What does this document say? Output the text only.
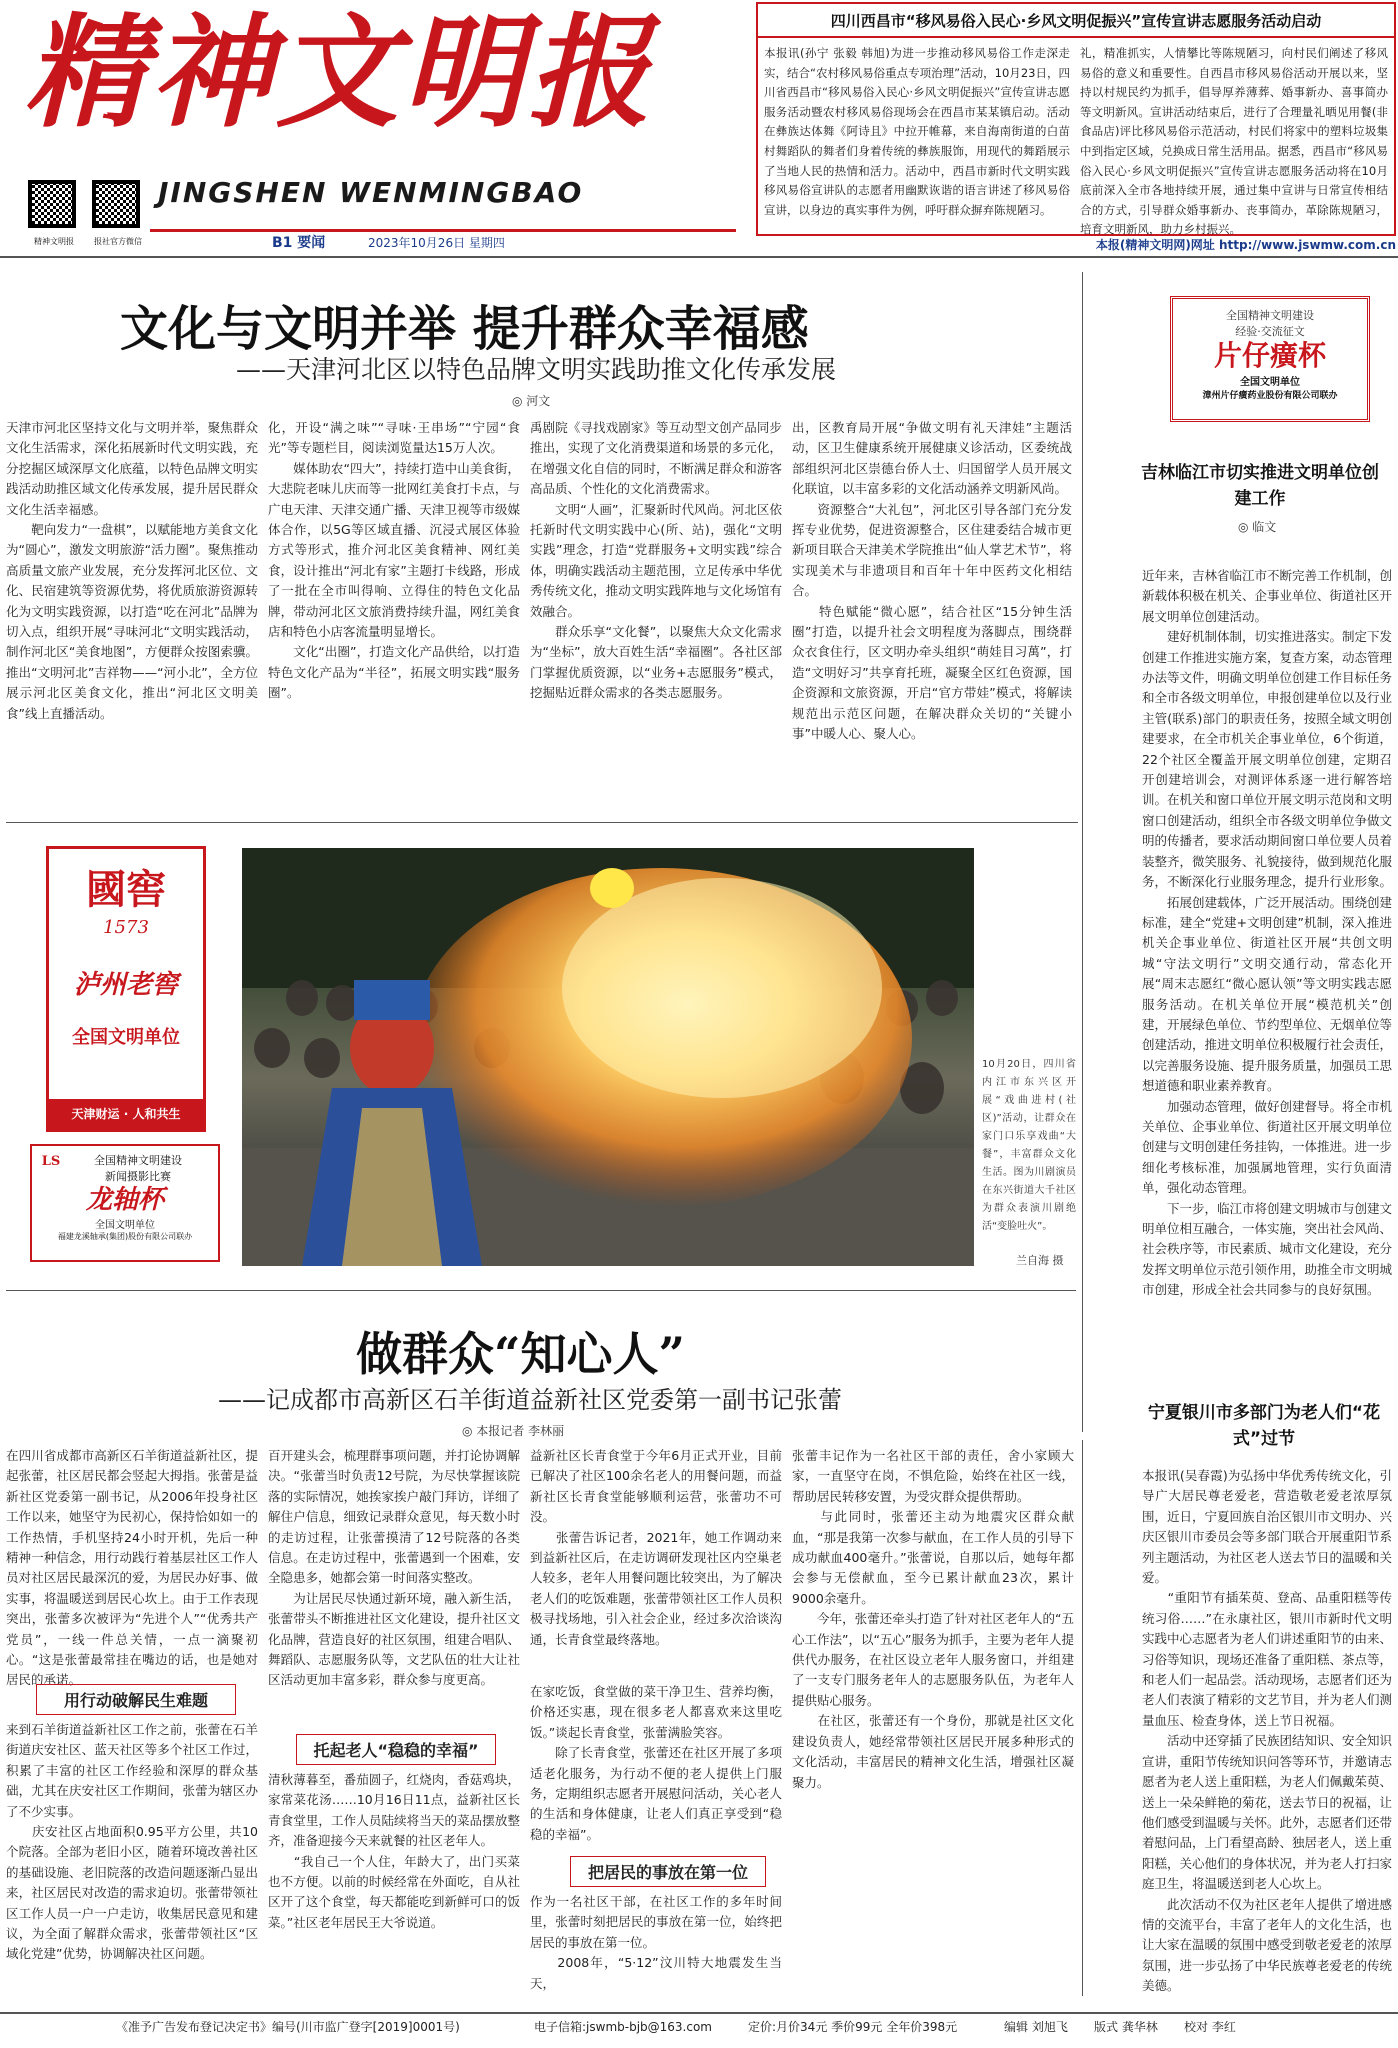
精神文明报
JINGSHEN WENMINGBAO
精神文明报	报社官方微信	B1 要闻	2023年10月26日 星期四
四川西昌市“移风易俗入民心·乡风文明促振兴”宣传宣讲志愿服务活动启动
本报讯(孙宁 张毅 韩旭)为进一步推动移风易俗工作走深走实，结合“农村移风易俗重点专项治理”活动，10月23日，四川省西昌市“移风易俗入民心·乡风文明促振兴”宣传宣讲志愿服务活动暨农村移风易俗现场会在西昌市某某镇启动。活动在彝族达体舞《阿诗且》中拉开帷幕，来自海南街道的白苗村舞蹈队的舞者们身着传统的彝族服饰，用现代的舞蹈展示了当地人民的热情和活力。活动中，西昌市新时代文明实践移风易俗宣讲队的志愿者用幽默诙谐的语言讲述了移风易俗宣讲，以身边的真实事件为例，呼吁群众摒弃陈规陋习。
礼，精准抓实，人情攀比等陈规陋习，向村民们阐述了移风易俗的意义和重要性。自西昌市移风易俗活动开展以来，坚持以村规民约为抓手，倡导厚养薄葬、婚事新办、喜事简办等文明新风。宣讲活动结束后，进行了合理量礼晒见用餐(非食品店)评比移风易俗示范活动，村民们将家中的塑料垃圾集中到指定区域，兑换成日常生活用品。据悉，西昌市“移风易俗入民心·乡风文明促振兴”宣传宣讲志愿服务活动将在10月底前深入全市各地持续开展，通过集中宣讲与日常宣传相结合的方式，引导群众婚事新办、丧事简办，革除陈规陋习，培育文明新风，助力乡村振兴。
本报(精神文明网)网址 http://www.jswmw.com.cn
文化与文明并举 提升群众幸福感
——天津河北区以特色品牌文明实践助推文化传承发展
◎ 河文
天津市河北区坚持文化与文明并举，聚焦群众文化生活需求，深化拓展新时代文明实践，充分挖掘区域深厚文化底蕴，以特色品牌文明实践活动助推区域文化传承发展，提升居民群众文化生活幸福感。
　　靶向发力“一盘棋”，以赋能地方美食文化为“圆心”，激发文明旅游“活力圈”。聚焦推动高质量文旅产业发展，充分发挥河北区位、文化、民宿建筑等资源优势，将优质旅游资源转化为文明实践资源，以打造“吃在河北”品牌为切入点，组织开展“寻味河北“文明实践活动，制作河北区“美食地图”，方便群众按图索骥。推出“文明河北”吉祥物——“河小北”，全方位展示河北区美食文化，推出“河北区文明美食”线上直播活动。
化，开设“满之味”“寻味·王串场”“宁园“食光”等专题栏目，阅读浏览量达15万人次。
　　媒体助农“四大”，持续打造中山美食街，大悲院老味儿庆而等一批网红美食打卡点，与广电天津、天津交通广播、天津卫视等市级媒体合作，以5G等区域直播、沉浸式展区体验方式等形式，推介河北区美食精神、网红美食，设计推出“河北有家”主题打卡线路，形成了一批在全市叫得响、立得住的特色文化品牌，带动河北区文旅消费持续升温，网红美食店和特色小店客流量明显增长。
　　文化“出圈”，打造文化产品供给，以打造特色文化产品为“半径”，拓展文明实践“服务圈”。
禹剧院《寻找戏剧家》等互动型文创产品同步推出，实现了文化消费渠道和场景的多元化，在增强文化自信的同时，不断满足群众和游客高品质、个性化的文化消费需求。
　　文明“人画”，汇聚新时代风尚。河北区依托新时代文明实践中心(所、站)，强化“文明实践”理念，打造“党群服务+文明实践”综合体，明确实践活动主题范围，立足传承中华优秀传统文化，推动文明实践阵地与文化场馆有效融合。
　　群众乐享“文化餐”，以聚焦大众文化需求为“坐标”，放大百姓生活“幸福圈”。各社区部门掌握优质资源，以“业务+志愿服务”模式，挖掘贴近群众需求的各类志愿服务。
出，区教育局开展“争做文明有礼天津娃”主题活动，区卫生健康系统开展健康义诊活动，区委统战部组织河北区崇德台侨人士、归国留学人员开展文化联谊，以丰富多彩的文化活动涵养文明新风尚。
　　资源整合“大礼包”，河北区引导各部门充分发挥专业优势，促进资源整合，区住建委结合城市更新项目联合天津美术学院推出“仙人掌艺术节”，将实现美术与非遗项目和百年十年中医药文化相结合。
　　特色赋能“微心愿”，结合社区“15分钟生活圈”打造，以提升社会文明程度为落脚点，围绕群众衣食住行，区文明办牵头组织“萌娃目习萬”，打造“文明好习”共享育托班，凝聚全区红色资源，国企资源和文旅资源，开启“官方带娃”模式，将解读规范出示范区问题，在解决群众关切的“关键小事”中暖人心、聚人心。
全国精神文明建设
经验·交流征文
片仔癀杯
全国文明单位
漳州片仔癀药业股份有限公司联办
吉林临江市切实推进文明单位创建工作
◎ 临文
近年来，吉林省临江市不断完善工作机制，创新载体积极在机关、企事业单位、街道社区开展文明单位创建活动。
　　建好机制体制，切实推进落实。制定下发创建工作推进实施方案，复查方案，动态管理办法等文件，明确文明单位创建工作目标任务和全市各级文明单位，申报创建单位以及行业主管(联系)部门的职责任务，按照全域文明创建要求，在全市机关企事业单位，6个街道，22个社区全覆盖开展文明单位创建，定期召开创建培训会，对测评体系逐一进行解答培训。在机关和窗口单位开展文明示范岗和文明窗口创建活动，组织全市各级文明单位争做文明的传播者，要求活动期间窗口单位要人员着装整齐，微笑服务、礼貌接待，做到规范化服务，不断深化行业服务理念，提升行业形象。
　　拓展创建载体，广泛开展活动。围绕创建标准，建全“党建+文明创建”机制，深入推进机关企事业单位、街道社区开展“共创文明城“守法文明行”文明交通行动，常态化开展“周末志愿红“微心愿认领”等文明实践志愿服务活动。在机关单位开展“模范机关”创建，开展绿色单位、节约型单位、无烟单位等创建活动，推进文明单位积极履行社会责任，以完善服务设施、提升服务质量，加强员工思想道德和职业素养教育。
　　加强动态管理，做好创建督导。将全市机关单位、企事业单位、街道社区开展文明单位创建与文明创建任务挂钩，一体推进。进一步细化考核标准，加强属地管理，实行负面清单，强化动态管理。
　　下一步，临江市将创建文明城市与创建文明单位相互融合，一体实施，突出社会风尚、社会秩序等，市民素质、城市文化建设，充分发挥文明单位示范引领作用，助推全市文明城市创建，形成全社会共同参与的良好氛围。
國窖
1573
泸州老窖
全国文明单位
天津财运 · 人和共生
LS	全国精神文明建设
新闻摄影比赛
龙轴杯
全国文明单位
福建龙溪轴承(集团)股份有限公司联办
10月20日，四川省内江市东兴区开展“戏曲进村(社区)”活动，让群众在家门口乐享戏曲“大餐”，丰富群众文化生活。图为川剧演员在东兴街道大千社区为群众表演川剧绝活“变脸吐火”。
兰自海 摄
做群众“知心人”
——记成都市高新区石羊街道益新社区党委第一副书记张蕾
◎ 本报记者 李林丽
在四川省成都市高新区石羊街道益新社区，提起张蕾，社区居民都会竖起大拇指。张蕾是益新社区党委第一副书记，从2006年投身社区工作以来，她坚守为民初心，保持恰如如一的工作热情，手机坚持24小时开机，先后一种精神一种信念，用行动践行着基层社区工作人员对社区居民最深沉的爱，为居民办好事、做实事，将温暖送到居民心坎上。由于工作表现突出，张蕾多次被评为“先进个人”“优秀共产党员”，一线一件总关情，一点一滴聚初心。“这是张蕾最常挂在嘴边的话，也是她对居民的承诺。
用行动破解民生难题
来到石羊街道益新社区工作之前，张蕾在石羊街道庆安社区、蓝天社区等多个社区工作过，积累了丰富的社区工作经验和深厚的群众基础，尤其在庆安社区工作期间，张蕾为辖区办了不少实事。
　　庆安社区占地面积0.95平方公里，共10个院落。全部为老旧小区，随着环境改善社区的基础设施、老旧院落的改造问题逐渐凸显出来，社区居民对改造的需求迫切。张蕾带领社区工作人员一户一户走访，收集居民意见和建议，为全面了解群众需求，张蕾带领社区“区域化党建”优势，协调解决社区问题。
百开建头会，梳理群事项问题，并打论协调解决。“张蕾当时负责12号院，为尽快掌握该院落的实际情况，她挨家挨户敲门拜访，详细了解住户信息，细致记录群众意见，每天数小时的走访过程，让张蕾摸清了12号院落的各类信息。在走访过程中，张蕾遇到一个困难，安全隐患多，她都会第一时间落实整改。
　　为让居民尽快通过新环境，融入新生活，张蕾带头不断推进社区文化建设，提升社区文化品牌，营造良好的社区氛围，组建合唱队、舞蹈队、志愿服务队等，文艺队伍的壮大让社区活动更加丰富多彩，群众参与度更高。
托起老人“稳稳的幸福”
清秋薄暮至，番茄圆子，红烧肉，香菇鸡块，家常菜花汤……10月16日11点，益新社区长青食堂里，工作人员陆续将当天的菜品摆放整齐，准备迎接今天来就餐的社区老年人。
　　“我自己一个人住，年龄大了，出门买菜也不方便。以前的时候经常在外面吃，自从社区开了这个食堂，每天都能吃到新鲜可口的饭菜。”社区老年居民王大爷说道。
益新社区长青食堂于今年6月正式开业，目前已解决了社区100余名老人的用餐问题，而益新社区长青食堂能够顺利运营，张蕾功不可没。
　　张蕾告诉记者，2021年，她工作调动来到益新社区后，在走访调研发现社区内空巢老人较多，老年人用餐问题比较突出，为了解决老人们的吃饭难题，张蕾带领社区工作人员积极寻找场地，引入社会企业，经过多次洽谈沟通，长青食堂最终落地。
在家吃饭，食堂做的菜干净卫生、营养均衡，价格还实惠，现在很多老人都喜欢来这里吃饭。”谈起长青食堂，张蕾满脸笑容。
　　除了长青食堂，张蕾还在社区开展了多项适老化服务，为行动不便的老人提供上门服务，定期组织志愿者开展慰问活动，关心老人的生活和身体健康，让老人们真正享受到“稳稳的幸福”。
把居民的事放在第一位
作为一名社区干部，在社区工作的多年时间里，张蕾时刻把居民的事放在第一位，始终把居民的事放在第一位。
　　2008年，“5·12”汶川特大地震发生当天，
张蕾丰记作为一名社区干部的责任，舍小家顾大家，一直坚守在岗，不惧危险，始终在社区一线，帮助居民转移安置，为受灾群众提供帮助。
　　与此同时，张蕾还主动为地震灾区群众献血，“那是我第一次参与献血，在工作人员的引导下成功献血400毫升。”张蕾说，自那以后，她每年都会参与无偿献血，至今已累计献血23次，累计9000余毫升。
　　今年，张蕾还牵头打造了针对社区老年人的“五心工作法”，以“五心”服务为抓手，主要为老年人提供代办服务，在社区设立老年人服务窗口，并组建了一支专门服务老年人的志愿服务队伍，为老年人提供贴心服务。
　　在社区，张蕾还有一个身份，那就是社区文化建设负责人，她经常带领社区居民开展多种形式的文化活动，丰富居民的精神文化生活，增强社区凝聚力。
宁夏银川市多部门为老人们“花式”过节
本报讯(吴春霞)为弘扬中华优秀传统文化，引导广大居民尊老爱老，营造敬老爱老浓厚氛围，近日，宁夏回族自治区银川市文明办、兴庆区银川市委员会等多部门联合开展重阳节系列主题活动，为社区老人送去节日的温暖和关爱。
　　“重阳节有插茱萸、登高、品重阳糕等传统习俗……”在永康社区，银川市新时代文明实践中心志愿者为老人们讲述重阳节的由来、习俗等知识，现场还准备了重阳糕、茶点等，和老人们一起品尝。活动现场，志愿者们还为老人们表演了精彩的文艺节目，并为老人们测量血压、检查身体，送上节日祝福。
　　活动中还穿插了民族团结知识、安全知识宣讲，重阳节传统知识问答等环节，并邀请志愿者为老人送上重阳糕，为老人们佩戴茱萸、送上一朵朵鲜艳的菊花，送去节日的祝福，让他们感受到温暖与关怀。此外，志愿者们还带着慰问品，上门看望高龄、独居老人，送上重阳糕，关心他们的身体状况，并为老人打扫家庭卫生，将温暖送到老人心坎上。
　　此次活动不仅为社区老年人提供了增进感情的交流平台，丰富了老年人的文化生活，也让大家在温暖的氛围中感受到敬老爱老的浓厚氛围，进一步弘扬了中华民族尊老爱老的传统美德。
《准予广告发布登记决定书》编号(川市监广登字[2019]0001号)	电子信箱:jswmb-bjb@163.com	定价:月价34元 季价99元 全年价398元	编辑 刘旭飞 版式 龚华林 校对 李红
